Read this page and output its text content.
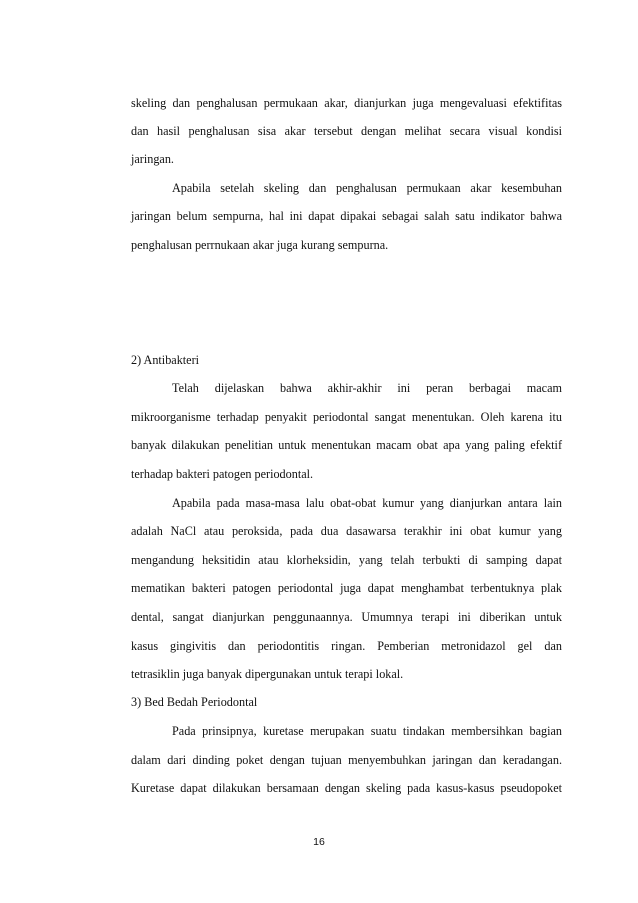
skeling dan penghalusan permukaan akar, dianjurkan juga mengevaluasi efektifitas
dan hasil penghalusan sisa akar tersebut dengan melihat secara visual kondisi
jaringan.
Apabila setelah skeling dan penghalusan permukaan akar kesembuhan
jaringan belum sempurna, hal ini dapat dipakai sebagai salah satu indikator bahwa
penghalusan perrnukaan akar juga kurang sempurna.
2) Antibakteri
Telah dijelaskan bahwa akhir-akhir ini peran berbagai macam
mikroorganisme terhadap penyakit periodontal sangat menentukan. Oleh karena itu
banyak dilakukan penelitian untuk menentukan macam obat apa yang paling efektif
terhadap bakteri patogen periodontal.
Apabila pada masa-masa lalu obat-obat kumur yang dianjurkan antara lain
adalah NaCl atau peroksida, pada dua dasawarsa terakhir ini obat kumur yang
mengandung heksitidin atau klorheksidin, yang telah terbukti di samping dapat
mematikan bakteri patogen periodontal juga dapat menghambat terbentuknya plak
dental, sangat dianjurkan penggunaannya. Umumnya terapi ini diberikan untuk
kasus gingivitis dan periodontitis ringan. Pemberian metronidazol gel dan
tetrasiklin juga banyak dipergunakan untuk terapi lokal.
3) Bed Bedah Periodontal
Pada prinsipnya, kuretase merupakan suatu tindakan membersihkan bagian
dalam dari dinding poket dengan tujuan menyembuhkan jaringan dan keradangan.
Kuretase dapat dilakukan bersamaan dengan skeling pada kasus-kasus pseudopoket
16
